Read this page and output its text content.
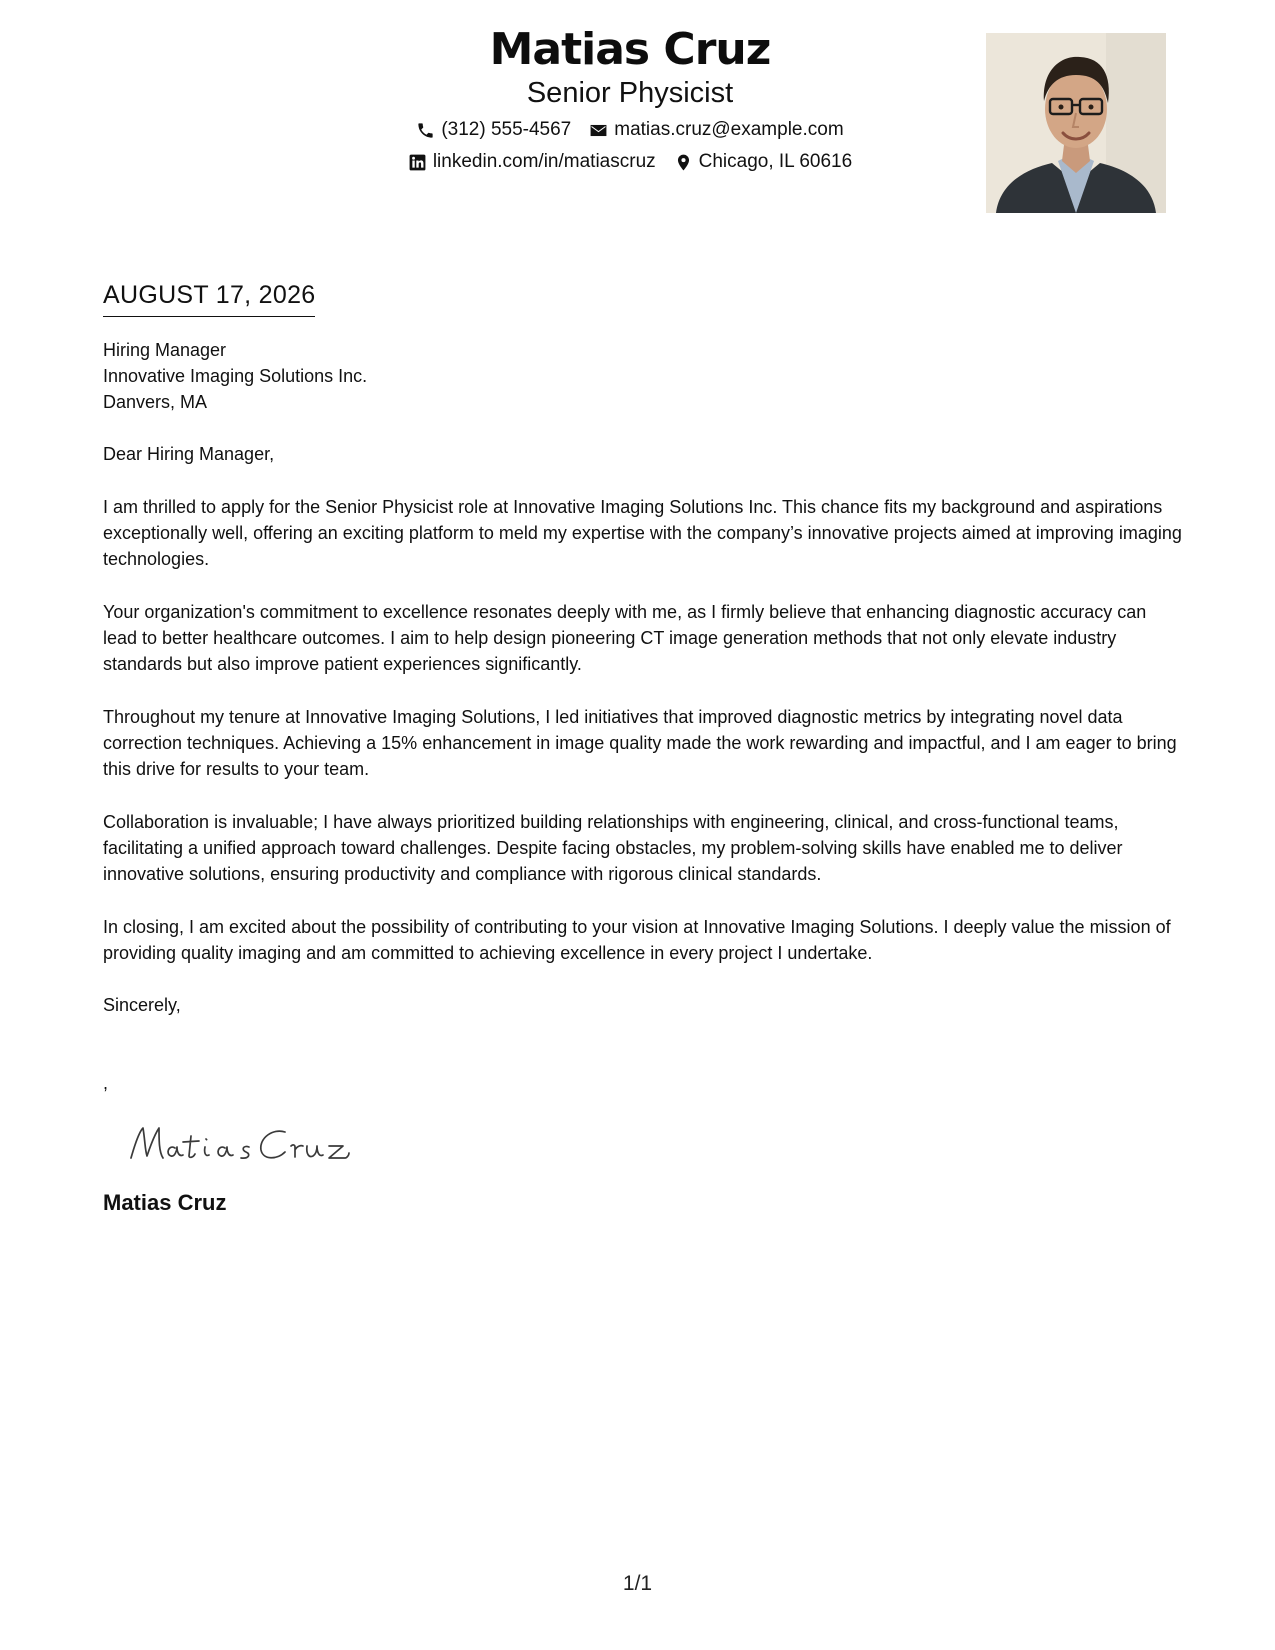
Matias Cruz
Senior Physicist
(312) 555-4567 matias.cruz@example.com
linkedin.com/in/matiascruz Chicago, IL 60616
AUGUST 17, 2026
Hiring Manager
Innovative Imaging Solutions Inc.
Danvers, MA
Dear Hiring Manager,

I am thrilled to apply for the Senior Physicist role at Innovative Imaging Solutions Inc. This chance fits my background and aspirations exceptionally well, offering an exciting platform to meld my expertise with the company’s innovative projects aimed at improving imaging technologies.

Your organization's commitment to excellence resonates deeply with me, as I firmly believe that enhancing diagnostic accuracy can lead to better healthcare outcomes. I aim to help design pioneering CT image generation methods that not only elevate industry standards but also improve patient experiences significantly.

Throughout my tenure at Innovative Imaging Solutions, I led initiatives that improved diagnostic metrics by integrating novel data correction techniques. Achieving a 15% enhancement in image quality made the work rewarding and impactful, and I am eager to bring this drive for results to your team.

Collaboration is invaluable; I have always prioritized building relationships with engineering, clinical, and cross-functional teams, facilitating a unified approach toward challenges. Despite facing obstacles, my problem-solving skills have enabled me to deliver innovative solutions, ensuring productivity and compliance with rigorous clinical standards.

In closing, I am excited about the possibility of contributing to your vision at Innovative Imaging Solutions. I deeply value the mission of providing quality imaging and am committed to achieving excellence in every project I undertake.

Sincerely,
,
Matias Cruz
1/1
